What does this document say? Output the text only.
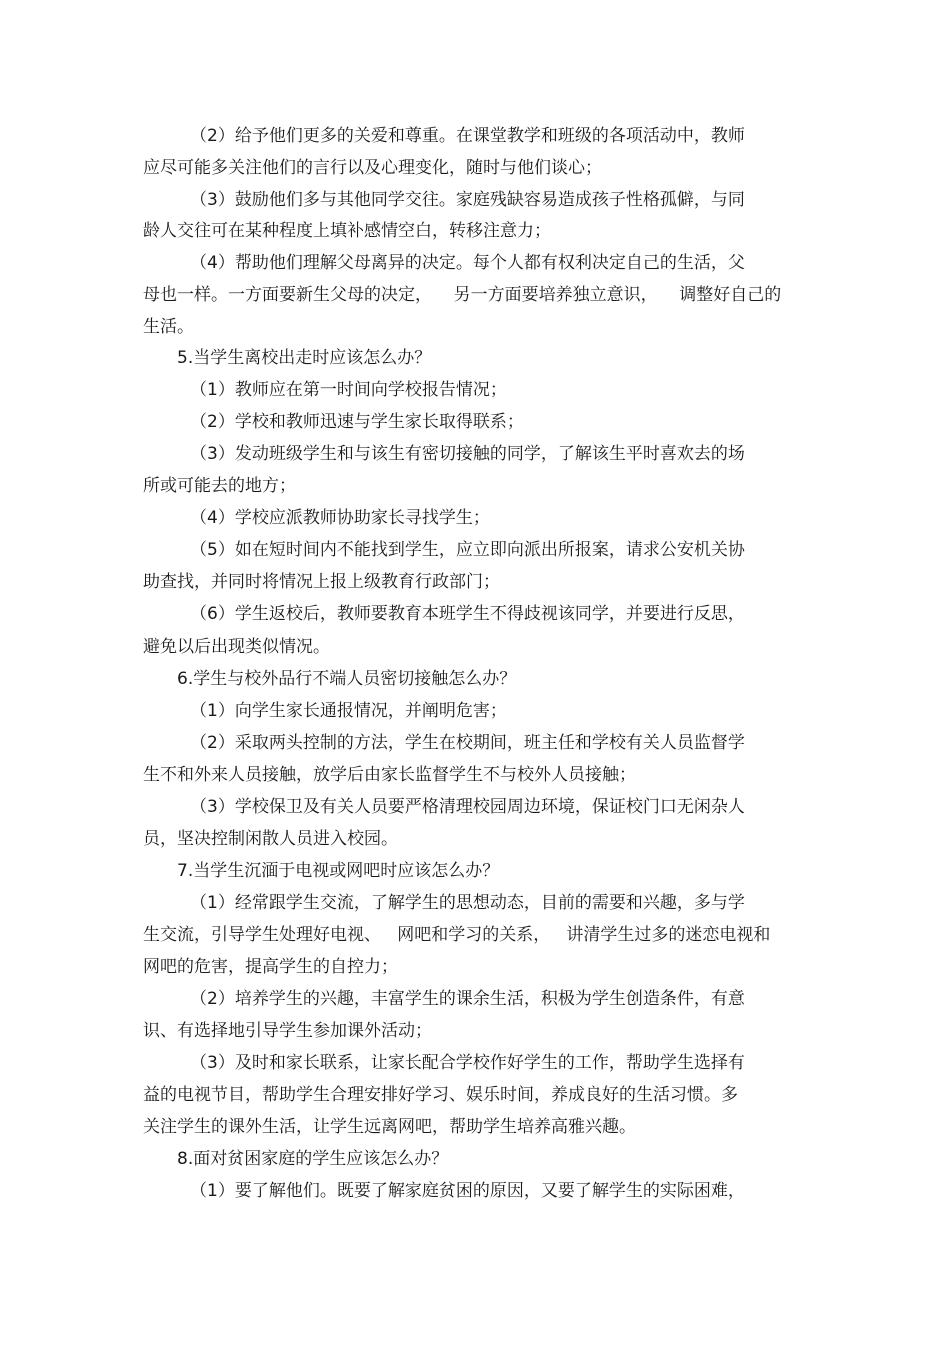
（2）给予他们更多的关爱和尊重。在课堂教学和班级的各项活动中，教师
应尽可能多关注他们的言行以及心理变化，随时与他们谈心；
（3）鼓励他们多与其他同学交往。家庭残缺容易造成孩子性格孤僻，与同
龄人交往可在某种程度上填补感情空白，转移注意力；
（4）帮助他们理解父母离异的决定。每个人都有权利决定自己的生活，父
母也一样。一方面要新生父母的决定，    另一方面要培养独立意识，    调整好自己的
生活。
5.当学生离校出走时应该怎么办？
（1）教师应在第一时间向学校报告情况；
（2）学校和教师迅速与学生家长取得联系；
（3）发动班级学生和与该生有密切接触的同学，了解该生平时喜欢去的场
所或可能去的地方；
（4）学校应派教师协助家长寻找学生；
（5）如在短时间内不能找到学生，应立即向派出所报案，请求公安机关协
助查找，并同时将情况上报上级教育行政部门；
（6）学生返校后，教师要教育本班学生不得歧视该同学，并要进行反思，
避免以后出现类似情况。
6.学生与校外品行不端人员密切接触怎么办？
（1）向学生家长通报情况，并阐明危害；
（2）采取两头控制的方法，学生在校期间，班主任和学校有关人员监督学
生不和外来人员接触，放学后由家长监督学生不与校外人员接触；
（3）学校保卫及有关人员要严格清理校园周边环境，保证校门口无闲杂人
员，坚决控制闲散人员进入校园。
7.当学生沉湎于电视或网吧时应该怎么办？
（1）经常跟学生交流，了解学生的思想动态，目前的需要和兴趣，多与学
生交流，引导学生处理好电视、   网吧和学习的关系，   讲清学生过多的迷恋电视和
网吧的危害，提高学生的自控力；
（2）培养学生的兴趣，丰富学生的课余生活，积极为学生创造条件，有意
识、有选择地引导学生参加课外活动；
（3）及时和家长联系，让家长配合学校作好学生的工作，帮助学生选择有
益的电视节目，帮助学生合理安排好学习、娱乐时间，养成良好的生活习惯。多
关注学生的课外生活，让学生远离网吧，帮助学生培养高雅兴趣。
8.面对贫困家庭的学生应该怎么办？
（1）要了解他们。既要了解家庭贫困的原因，又要了解学生的实际困难，
